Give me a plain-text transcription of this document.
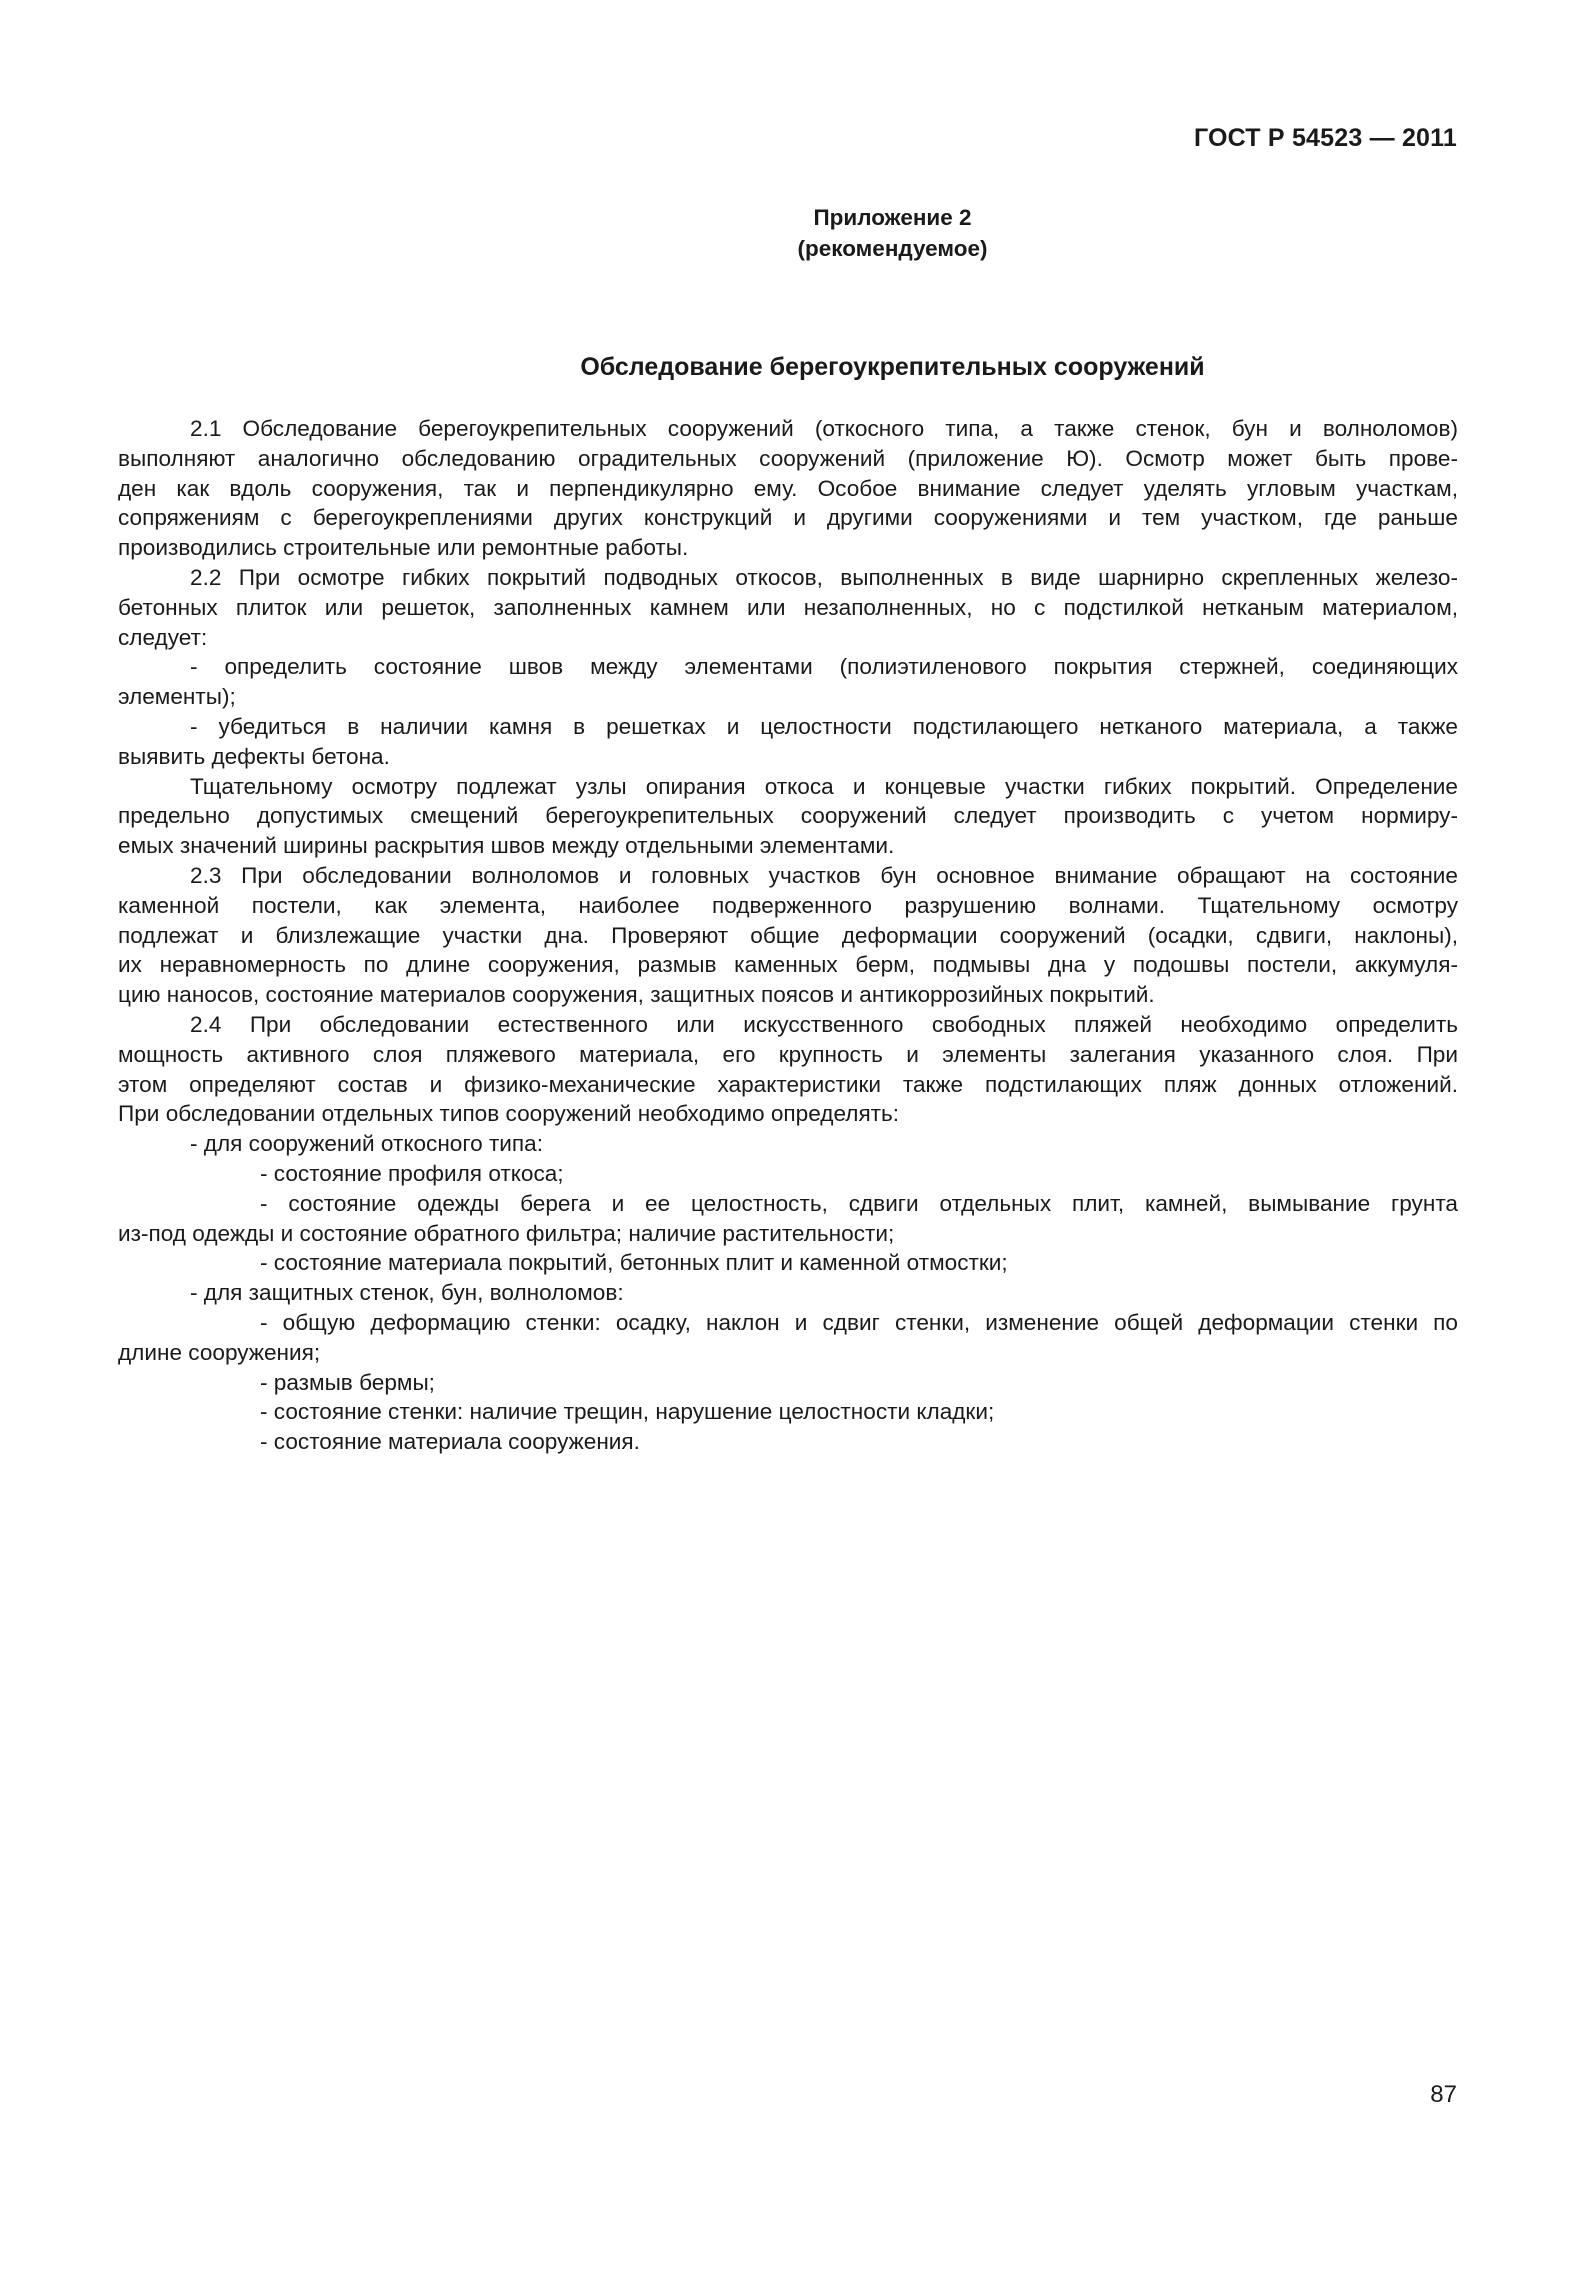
ГОСТ Р 54523 — 2011
Приложение 2
(рекомендуемое)
Обследование берегоукрепительных сооружений
2.1 Обследование берегоукрепительных сооружений (откосного типа, а также стенок, бун и волноломов)
выполняют аналогично обследованию оградительных сооружений (приложение Ю). Осмотр может быть прове-
ден как вдоль сооружения, так и перпендикулярно ему. Особое внимание следует уделять угловым участкам,
сопряжениям с берегоукреплениями других конструкций и другими сооружениями и тем участком, где раньше
производились строительные или ремонтные работы.
2.2 При осмотре гибких покрытий подводных откосов, выполненных в виде шарнирно скрепленных железо-
бетонных плиток или решеток, заполненных камнем или незаполненных, но с подстилкой нетканым материалом,
следует:
- определить состояние швов между элементами (полиэтиленового покрытия стержней, соединяющих
элементы);
- убедиться в наличии камня в решетках и целостности подстилающего нетканого материала, а также
выявить дефекты бетона.
Тщательному осмотру подлежат узлы опирания откоса и концевые участки гибких покрытий. Определение
предельно допустимых смещений берегоукрепительных сооружений следует производить с учетом нормиру-
емых значений ширины раскрытия швов между отдельными элементами.
2.3 При обследовании волноломов и головных участков бун основное внимание обращают на состояние
каменной постели, как элемента, наиболее подверженного разрушению волнами. Тщательному осмотру
подлежат и близлежащие участки дна. Проверяют общие деформации сооружений (осадки, сдвиги, наклоны),
их неравномерность по длине сооружения, размыв каменных берм, подмывы дна у подошвы постели, аккумуля-
цию наносов, состояние материалов сооружения, защитных поясов и антикоррозийных покрытий.
2.4 При обследовании естественного или искусственного свободных пляжей необходимо определить
мощность активного слоя пляжевого материала, его крупность и элементы залегания указанного слоя. При
этом определяют состав и физико-механические характеристики также подстилающих пляж донных отложений.
При обследовании отдельных типов сооружений необходимо определять:
- для сооружений откосного типа:
- состояние профиля откоса;
- состояние одежды берега и ее целостность, сдвиги отдельных плит, камней, вымывание грунта
из-под одежды и состояние обратного фильтра; наличие растительности;
- состояние материала покрытий, бетонных плит и каменной отмостки;
- для защитных стенок, бун, волноломов:
- общую деформацию стенки: осадку, наклон и сдвиг стенки, изменение общей деформации стенки по
длине сооружения;
- размыв бермы;
- состояние стенки: наличие трещин, нарушение целостности кладки;
- состояние материала сооружения.
87
